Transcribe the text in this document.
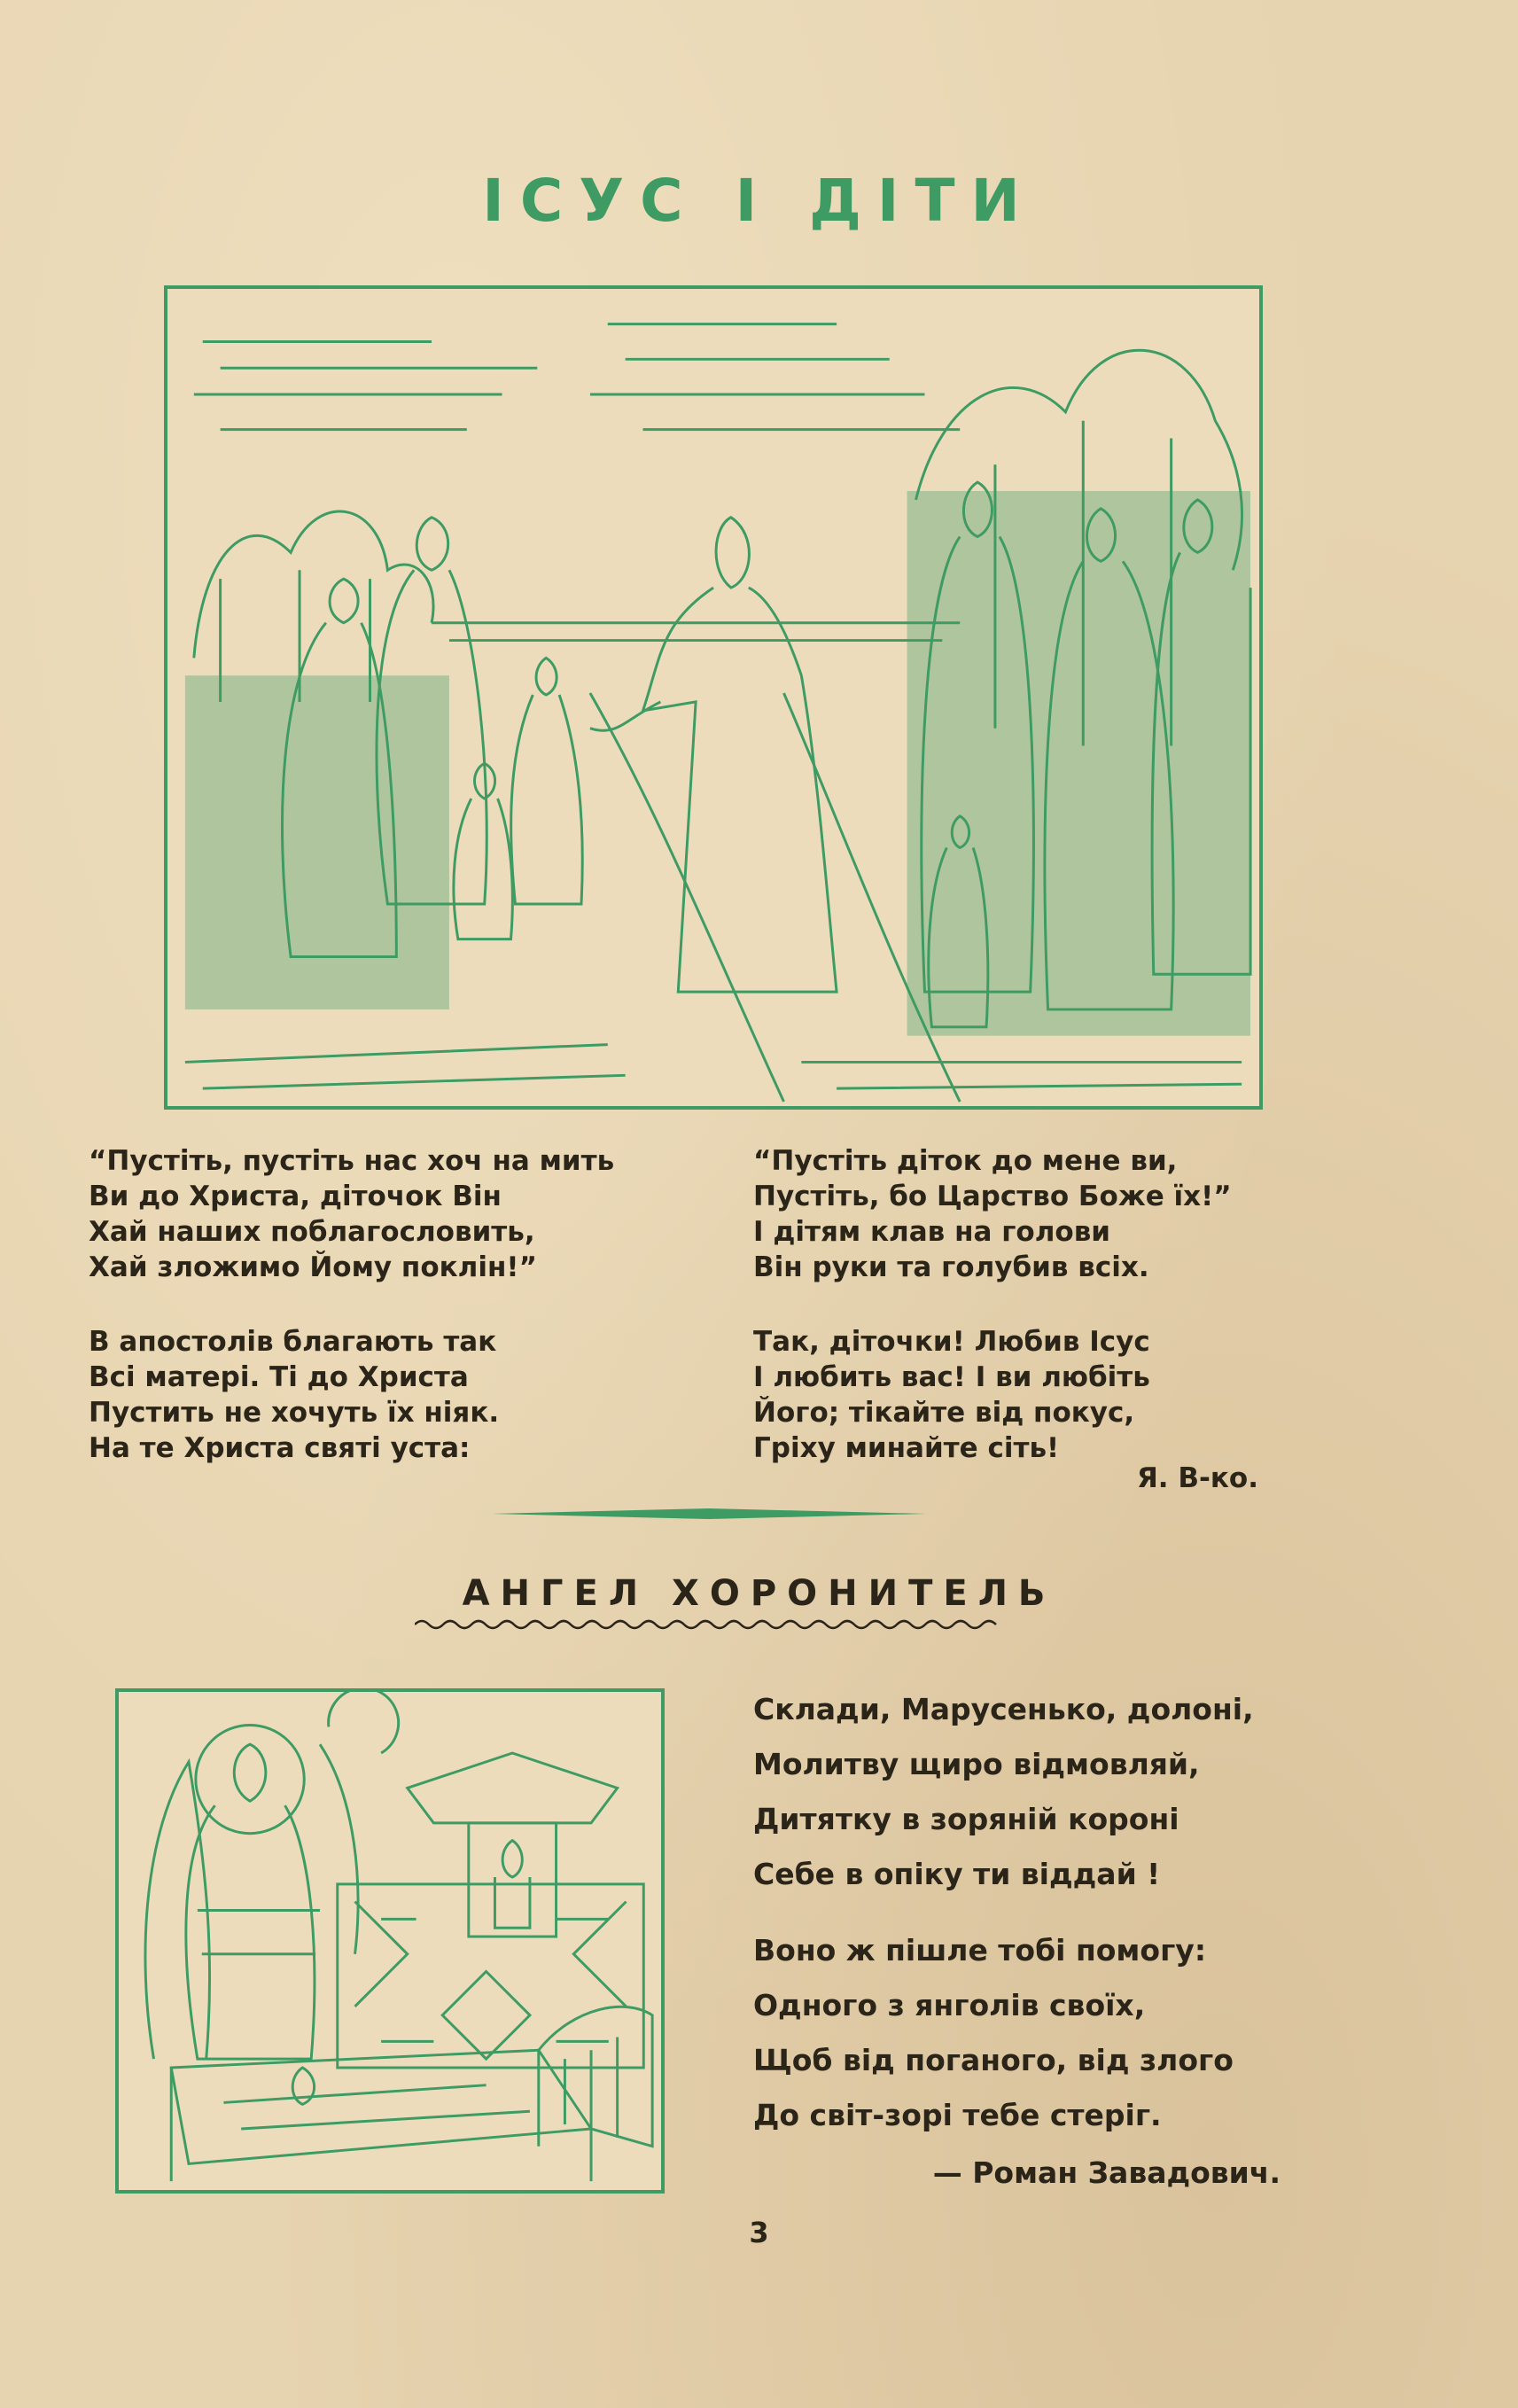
ІСУС І ДІТИ
“Пустіть, пустіть нас хоч на мить
Ви до Христа, діточок Він
Хай наших поблагословить,
Хай зложимо Йому поклін!”
В апостолів благають так
Всі матері. Ті до Христа
Пустить не хочуть їх ніяк.
На те Христа святі уста:
“Пустіть діток до мене ви,
Пустіть, бо Царство Боже їх!”
І дітям клав на голови
Він руки та голубив всіх.
Так, діточки! Любив Ісус
І любить вас! І ви любіть
Його; тікайте від покус,
Гріху минайте сіть!
Я. В-ко.
АНГЕЛ ХОРОНИТЕЛЬ
Склади, Марусенько, долоні,
Молитву щиро відмовляй,
Дитятку в зоряній короні
Себе в опіку ти віддай !
Воно ж пішле тобі помогу:
Одного з янголів своїх,
Щоб від поганого, від злого
До світ-зорі тебе стеріг.
— Роман Завадович.
3
